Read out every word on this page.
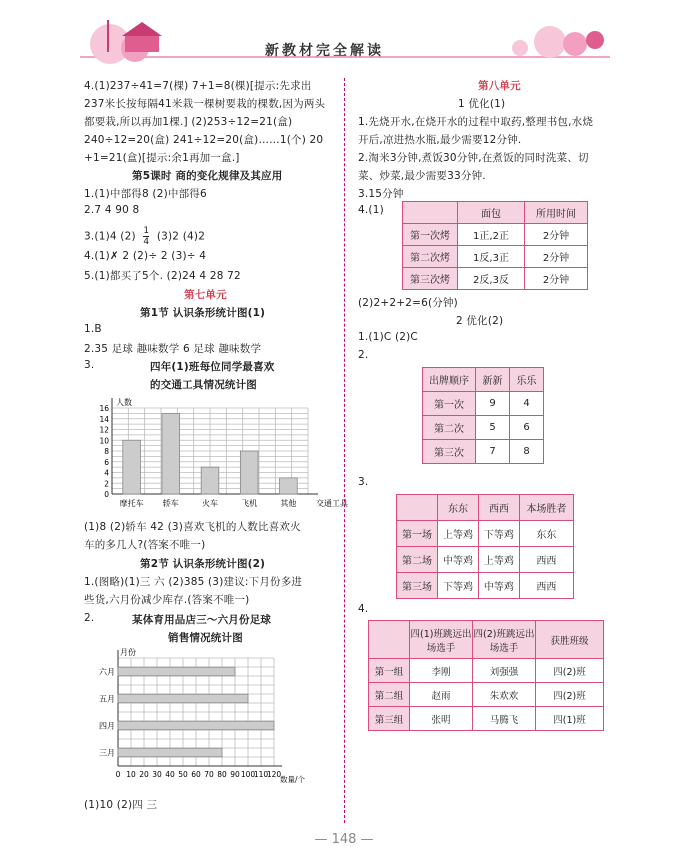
新教材完全解读
4.(1)237÷41=7(棵) 7+1=8(棵)[提示:先求出
237米长按每隔41米栽一棵树要栽的棵数,因为两头
都要栽,所以再加1棵.] (2)253÷12=21(盒)
240÷12=20(盒) 241÷12=20(盒)……1(个) 20
+1=21(盒)[提示:余1再加一盒.]
第5课时 商的变化规律及其应用
1.(1)中部得8 (2)中部得6
2.7 4 90 8
3.(1)4 $(2) \frac{1}{4} (3)2$ (4)2
4.(1)✗ 2 (2)÷ 2 (3)÷ 4
5.(1)都买了5个. (2)24 4 28 72
第七单元
第1节 认识条形统计图(1)
1.B
2.35 足球 趣味数学 6 足球 趣味数学
3.	四年(1)班每位同学最喜欢
的交通工具情况统计图
0
2
4
6
8
10
12
14
16
人数
摩托车 轿车	火车	飞机	其他 交通工具
(1)8 (2)轿车 42 (3)喜欢飞机的人数比喜欢火
车的多几人?(答案不唯一)
第2节 认识条形统计图(2)
1.(图略)(1)三 六 (2)385 (3)建议:下月份多进
些货,六月份减少库存.(答案不唯一)
2.	某体育用品店三～六月份足球
销售情况统计图
月份
0 10 20 30 40 50 60 70 80 90 100
110
120
数量/个
六月
五月
四月
三月
(1)10 (2)四 三
第八单元
1 优化(1)
1.先烧开水,在烧开水的过程中取药,整理书包,水烧
开后,凉进热水瓶,最少需要12分钟.
2.淘米3分钟,煮饭30分钟,在煮饭的同时洗菜、切
菜、炒菜,最少需要33分钟.
3.15分钟
4.(1)
		面包	所用时间
第一次烤	1正,2正	2分钟
第二次烤	1反,3正	2分钟
第三次烤	2反,3反	2分钟
(2)2+2+2=6(分钟)
2 优化(2)
1.(1)C (2)C
2.
出牌顺序	新新	乐乐
第一次	9	4
第二次	5	6
第三次	7	8
3.
	东东	西西	本场胜者
第一场	上等鸡	下等鸡	东东
第二场	中等鸡	上等鸡	西西
第三场	下等鸡	中等鸡	西西
4.
	四(1)班跳远出场选手	四(2)班跳远出场选手	获胜班级
第一组	李刚	刘强强	四(2)班
第二组	赵雨	朱欢欢	四(2)班
第三组	张明	马腾飞	四(1)班
— 148 —
